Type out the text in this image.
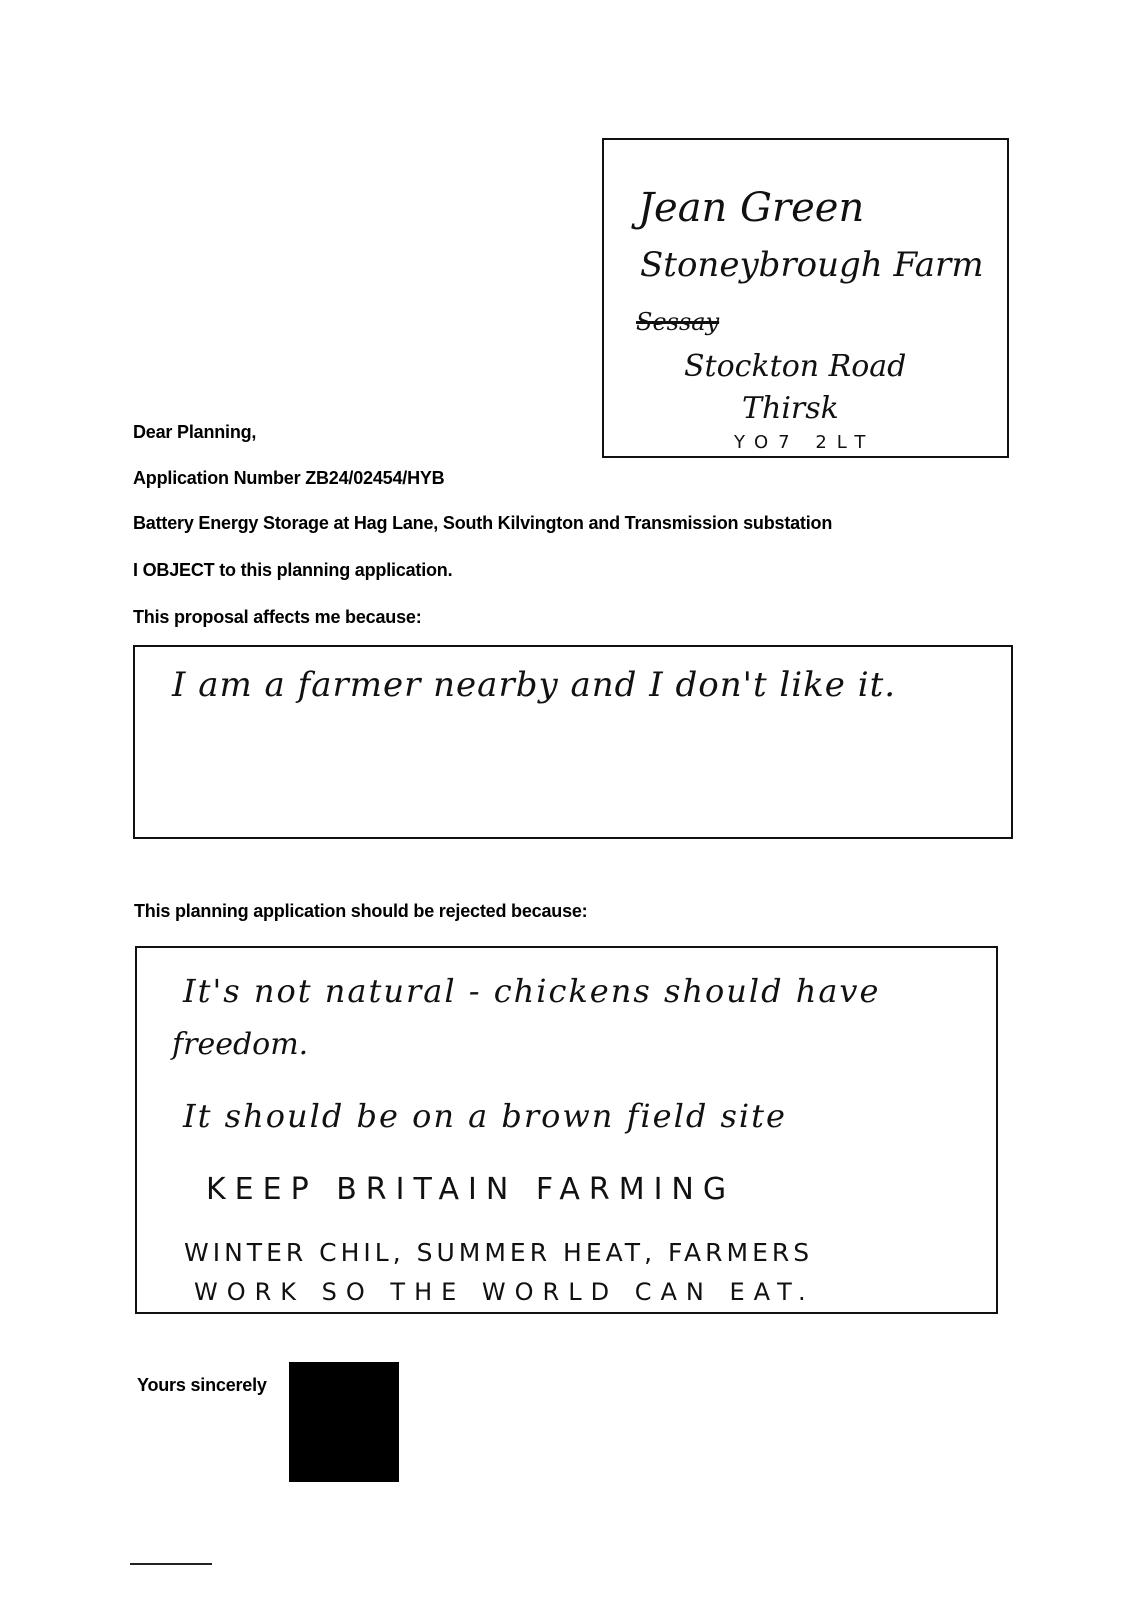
Jean Green
Stoneybrough Farm
Sessay
Stockton Road
Thirsk
YO7 2LT
Dear Planning,
Application Number ZB24/02454/HYB
Battery Energy Storage at Hag Lane, South Kilvington and Transmission substation
I OBJECT to this planning application.
This proposal affects me because:
I am a farmer nearby and I don't like it.
This planning application should be rejected because:
It's not natural - chickens should have
freedom.
It should be on a brown field site
KEEP BRITAIN FARMING
WINTER CHIL, SUMMER HEAT, FARMERS
WORK SO THE WORLD CAN EAT.
Yours sincerely
